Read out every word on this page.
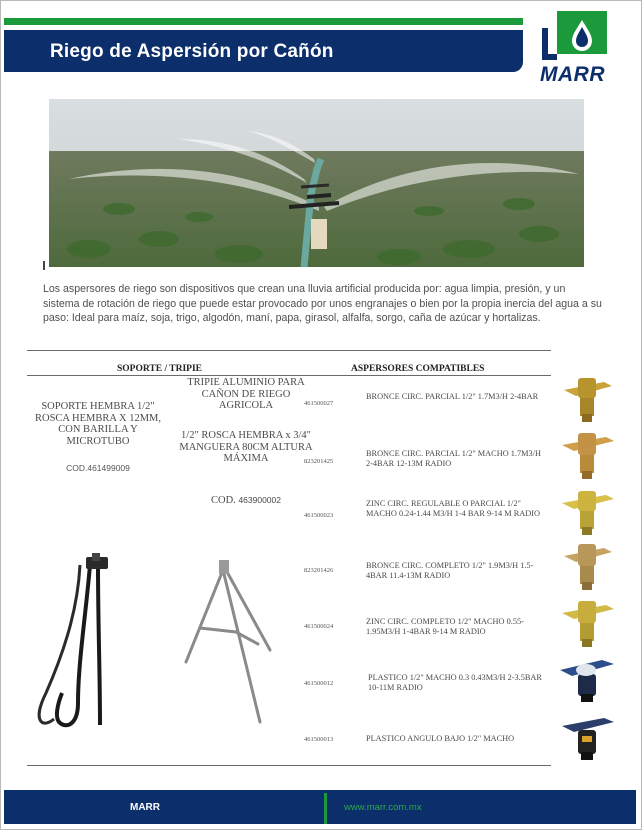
Riego de Aspersión por Cañón
MARR
Los aspersores de riego son dispositivos que crean una lluvia artificial producida por: agua limpia, presión, y un sistema de rotación de riego que puede estar provocado por unos engranajes o bien por la propia inercia del agua a su paso: Ideal para maíz, soja, trigo, algodón, maní, papa, girasol, alfalfa, sorgo, caña de azúcar y hortalizas.
SOPORTE / TRIPIE	ASPERSORES COMPATIBLES
SOPORTE HEMBRA 1/2" ROSCA HEMBRA X 12MM, CON BARILLA Y MICROTUBO
COD.461499009
TRIPIE ALUMINIO PARA CAÑON DE RIEGO AGRICOLA
1/2" ROSCA HEMBRA x 3/4" MANGUERA 80CM ALTURA MÁXIMA
COD. 463900002
461500027
BRONCE CIRC. PARCIAL 1/2" 1.7M3/H 2-4BAR
823201425
BRONCE CIRC. PARCIAL 1/2" MACHO 1.7M3/H 2-4BAR 12-13M RADIO
461500023
ZINC CIRC. REGULABLE O PARCIAL 1/2" MACHO 0.24-1.44 M3/H 1-4 BAR 9-14 M RADIO
823201426
BRONCE CIRC. COMPLETO 1/2" 1.9M3/H 1.5-4BAR 11.4-13M RADIO
461500024
ZINC CIRC. COMPLETO 1/2" MACHO 0.55-1.95M3/H 1-4BAR 9-14 M RADIO
461500012
PLASTICO 1/2" MACHO 0.3 0.43M3/H 2-3.5BAR 10-11M RADIO
461500013	PLASTICO ANGULO BAJO 1/2" MACHO
MARR	www.marr.com.mx
